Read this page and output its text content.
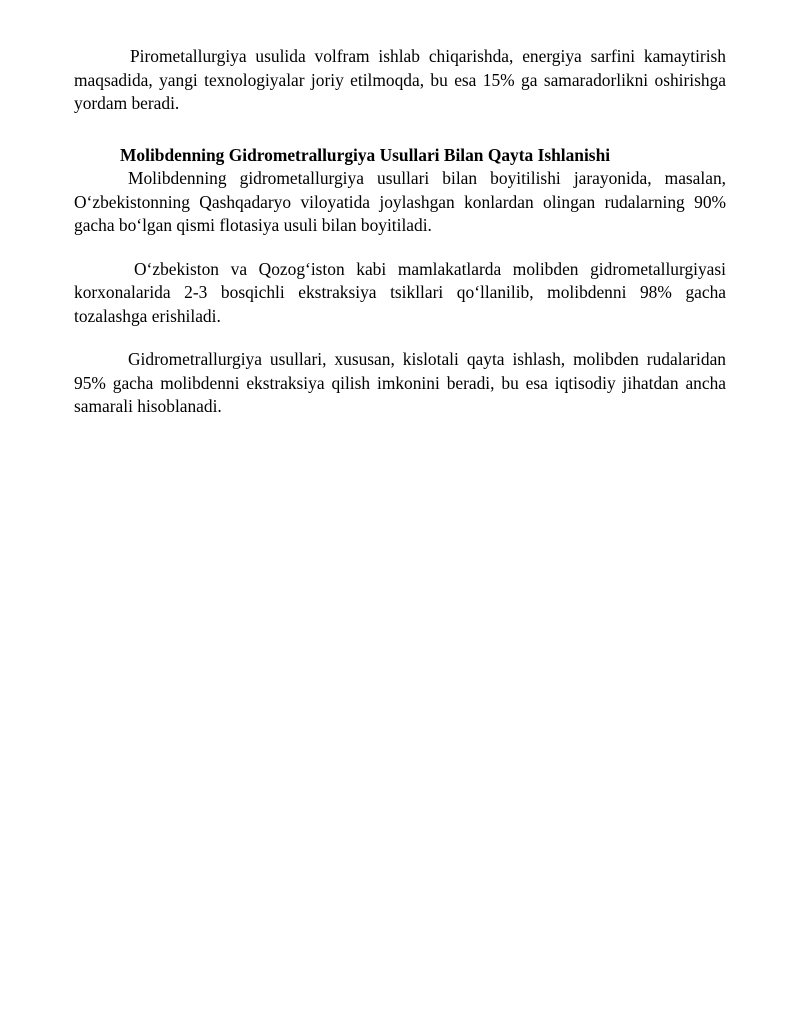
Pirometallurgiya usulida volfram ishlab chiqarishda, energiya sarfini kamaytirish maqsadida, yangi texnologiyalar joriy etilmoqda, bu esa 15% ga samaradorlikni oshirishga yordam beradi.

Molibdenning Gidrometrallurgiya Usullari Bilan Qayta Ishlanishi

Molibdenning gidrometallurgiya usullari bilan boyitilishi jarayonida, masalan, O‘zbekistonning Qashqadaryo viloyatida joylashgan konlardan olingan rudalarning 90% gacha bo‘lgan qismi flotasiya usuli bilan boyitiladi.

O‘zbekiston va Qozog‘iston kabi mamlakatlarda molibden gidrometallurgiyasi korxonalarida 2-3 bosqichli ekstraksiya tsikllari qo‘llanilib, molibdenni 98% gacha tozalashga erishiladi.

Gidrometrallurgiya usullari, xususan, kislotali qayta ishlash, molibden rudalaridan 95% gacha molibdenni ekstraksiya qilish imkonini beradi, bu esa iqtisodiy jihatdan ancha samarali hisoblanadi.
